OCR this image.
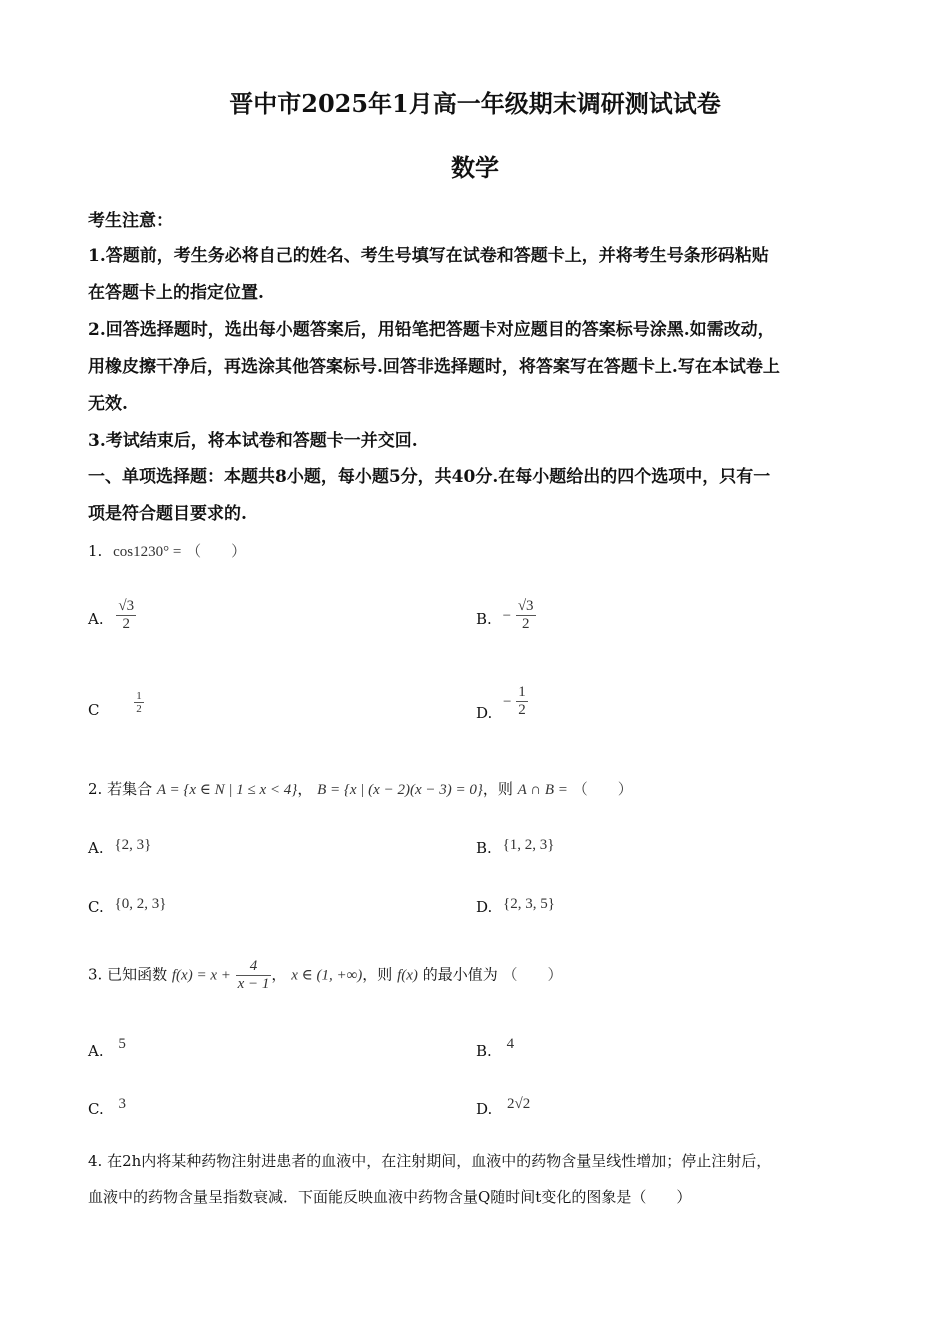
晋中市2025年1月高一年级期末调研测试试卷
数学
考生注意：
1.答题前，考生务必将自己的姓名、考生号填写在试卷和答题卡上，并将考生号条形码粘贴
在答题卡上的指定位置.
2.回答选择题时，选出每小题答案后，用铅笔把答题卡对应题目的答案标号涂黑.如需改动，
用橡皮擦干净后，再选涂其他答案标号.回答非选择题时，将答案写在答题卡上.写在本试卷上
无效.
3.考试结束后，将本试卷和答题卡一并交回.
一、单项选择题：本题共8小题，每小题5分，共40分.在每小题给出的四个选项中，只有一
项是符合题目要求的.
1. cos1230° = （　　）
A. $\frac{√3}{2}$	B. − $\frac{√3}{2}$
C	$\frac{1}{2}$	D. − $\frac{1}{2}$
2. 若集合 A = {x ∈ N | 1 ≤ x < 4}， B = {x | (x − 2)(x − 3) = 0}，则 A ∩ B = （　　）
A. {2, 3}	B. {1, 2, 3}
C. {0, 2, 3}	D. {2, 3, 5}
3. 已知函数 $f(x) = x + \frac{4}{x - 1}$ ， x ∈ (1, +∞)，则 f(x) 的最小值为 （　　）
A. 5	B. 4
C. 3	D. 2√2
4. 在2h内将某种药物注射进患者的血液中，在注射期间，血液中的药物含量呈线性增加；停止注射后，
血液中的药物含量呈指数衰减．下面能反映血液中药物含量Q随时间t变化的图象是（　　）
